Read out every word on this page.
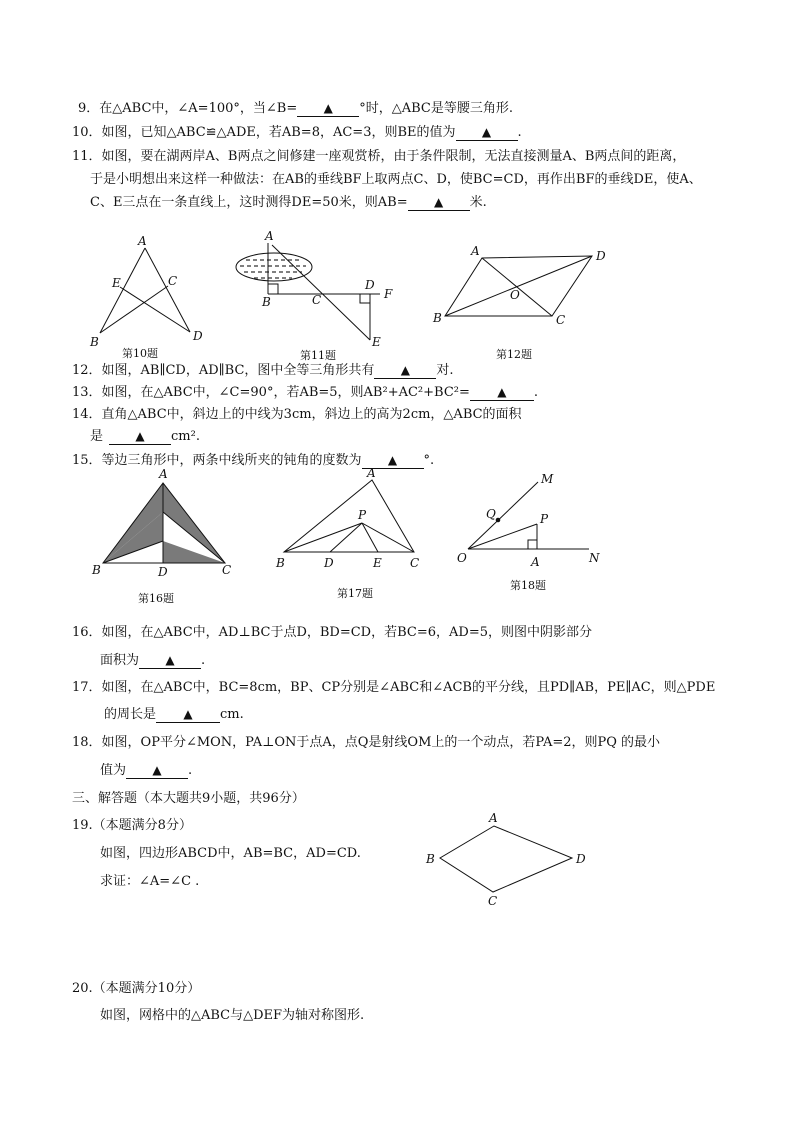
9．在△ABC中，∠A=100°，当∠B= ▲ °时，△ABC是等腰三角形.
10．如图，已知△ABC≌△ADE，若AB=8，AC=3，则BE的值为 ▲ .
11．如图，要在湖两岸A、B两点之间修建一座观赏桥，由于条件限制，无法直接测量A、B两点间的距离，
于是小明想出来这样一种做法：在AB的垂线BF上取两点C、D，使BC=CD，再作出BF的垂线DE，使A、
C、E三点在一条直线上，这时测得DE=50米，则AB= ▲ 米.
12．如图，AB∥CD，AD∥BC，图中全等三角形共有 ▲ 对.
13．如图，在△ABC中，∠C=90°，若AB=5，则AB²+AC²+BC²= ▲ .
14．直角△ABC中，斜边上的中线为3cm，斜边上的高为2cm，△ABC的面积
是	▲ cm².
15．等边三角形中，两条中线所夹的钝角的度数为 ▲ °.
16．如图，在△ABC中，AD⊥BC于点D，BD=CD，若BC=6，AD=5，则图中阴影部分
面积为 ▲ .
17．如图，在△ABC中，BC=8cm，BP、CP分别是∠ABC和∠ACB的平分线，且PD∥AB，PE∥AC，则△PDE
的周长是 ▲ cm.
18．如图，OP平分∠MON，PA⊥ON于点A，点Q是射线OM上的一个动点，若PA=2，则PQ 的最小
值为 ▲ .
三、解答题（本大题共9小题，共96分）
19.（本题满分8分）
如图，四边形ABCD中，AB=BC，AD=CD.
求证：∠A=∠C .
20.（本题满分10分）
如图，网格中的△ABC与△DEF为轴对称图形.
A
E	C
B	D
第10题
A
B	C
D
F
E
第11题
A	D
O
B	C
第12题
A
B	D	C
第16题
A
P
B	D	E C
第17题
M
Q	P
O	A	N
第18题
A
B	D
C
